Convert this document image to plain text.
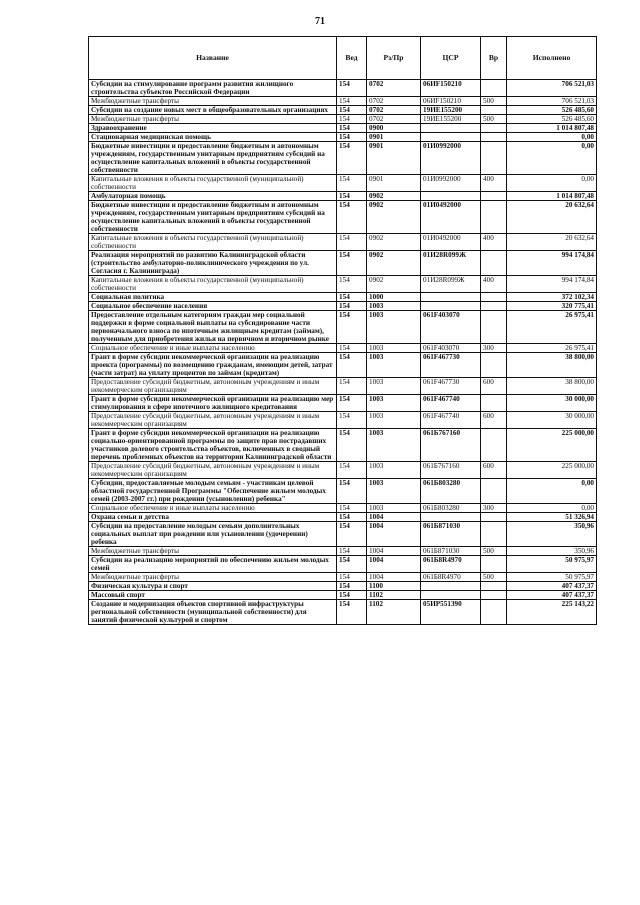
71
Название	Вед	Рз/Пр	ЦСР	Вр	Исполнено
Субсидии на стимулирование программ развития жилищного строительства субъектов Российской Федерации	154	0702	06ИF150210		706 521,03
Межбюджетные трансферты	154	0702	06ИF150210	500	706 521,03
Субсидии на создание новых мест в общеобразовательных организациях	154	0702	19ИЕ155200		526 485,60
Межбюджетные трансферты	154	0702	19ИЕ155200	500	526 485,60
Здравоохранение	154	0900			1 014 807,48
Стационарная медицинская помощь	154	0901			0,00
Бюджетные инвестиции и предоставление бюджетным и автономным учреждениям, государственным унитарным предприятиям субсидий на осуществление капитальных вложений в объекты государственной собственности	154	0901	01И0992000		0,00
Капитальные вложения в объекты государственной (муниципальной) собственности	154	0901	01И0992000	400	0,00
Амбулаторная помощь	154	0902			1 014 807,48
Бюджетные инвестиции и предоставление бюджетным и автономным учреждениям, государственным унитарным предприятиям субсидий на осуществление капитальных вложений в объекты государственной собственности	154	0902	01И0492000		20 632,64
Капитальные вложения в объекты государственной (муниципальной) собственности	154	0902	01И0492000	400	20 632,64
Реализация мероприятий по развитию Калининградской области (строительство амбулаторно-поликлинического учреждения по ул. Согласия г. Калининграда)	154	0902	01И28R099Ж		994 174,84
Капитальные вложения в объекты государственной (муниципальной) собственности	154	0902	01И28R099Ж	400	994 174,84
Социальная политика	154	1000			372 102,34
Социальное обеспечение населения	154	1003			320 775,41
Предоставление отдельным категориям граждан мер социальной поддержки в форме социальной выплаты на субсидирование части первоначального взноса по ипотечным жилищным кредитам (займам), полученным для приобретения жилья на первичном и вторичном рынке	154	1003	061F403070		26 975,41
Социальное обеспечение и иные выплаты населению	154	1003	061F403070	300	26 975,41
Грант в форме субсидии некоммерческой организации на реализацию проекта (программы) по возмещению гражданам, имеющим детей, затрат (части затрат) на уплату процентов по займам (кредитам)	154	1003	061F467730		38 800,00
Предоставление субсидий бюджетным, автономным учреждениям и иным некоммерческим организациям	154	1003	061F467730	600	38 800,00
Грант в форме субсидии некоммерческой организации на реализацию мер стимулирования в сфере ипотечного жилищного кредитования	154	1003	061F467740		30 000,00
Предоставление субсидий бюджетным, автономным учреждениям и иным некоммерческим организациям	154	1003	061F467740	600	30 000,00
Грант в форме субсидии некоммерческой организации на реализацию социально-ориентированной программы по защите прав пострадавших участников долевого строительства объектов, включенных в сводный перечень проблемных объектов на территории Калининградской области	154	1003	061Б767160		225 000,00
Предоставление субсидий бюджетным, автономным учреждениям и иным некоммерческим организациям	154	1003	061Б767160	600	225 000,00
Субсидии, предоставляемые молодым семьям - участникам целевой областной государственной Программы "Обеспечение жильем молодых семей (2003-2007 гг.) при рождении (усыновлении) ребенка"	154	1003	061Б803280		0,00
Социальное обеспечение и иные выплаты населению	154	1003	061Б803280	300	0,00
Охрана семьи и детства	154	1004			51 326,94
Субсидии на предоставление молодым семьям дополнительных социальных выплат при рождении или усыновлении (удочерении) ребенка	154	1004	061Б871030		350,96
Межбюджетные трансферты	154	1004	061Б871030	500	350,96
Субсидии на реализацию мероприятий по обеспечению жильем молодых семей	154	1004	061Б8R4970		50 975,97
Межбюджетные трансферты	154	1004	061Б8R4970	500	50 975,97
Физическая культура и спорт	154	1100			407 437,37
Массовый спорт	154	1102			407 437,37
Создание и модернизация объектов спортивной инфраструктуры региональной собственности (муниципальной собственности) для занятий физической культурой и спортом	154	1102	05ИP551390		225 143,22
